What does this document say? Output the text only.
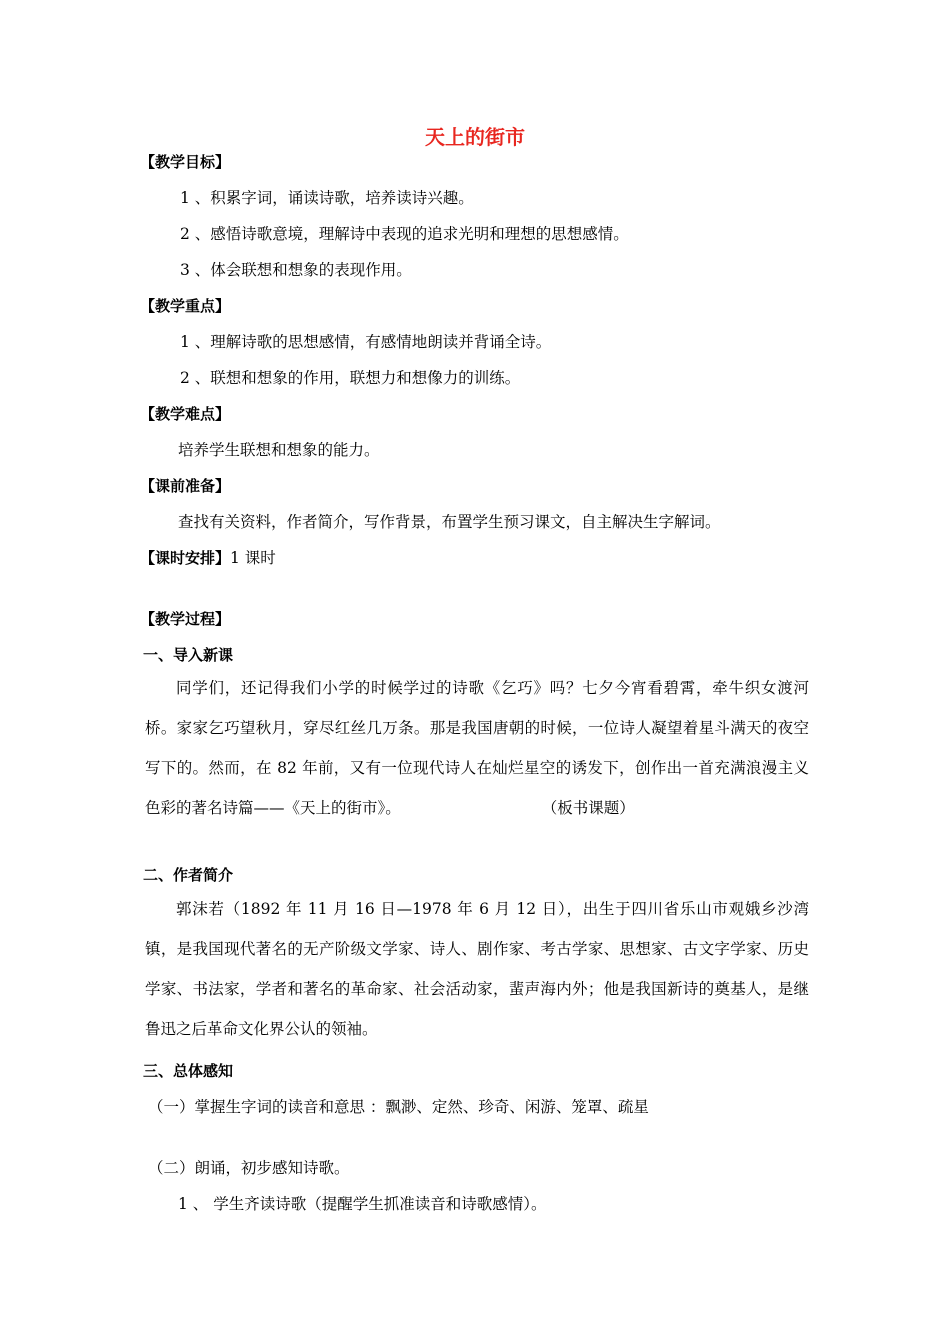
天上的街市
【教学目标】
1 、积累字词，诵读诗歌，培养读诗兴趣。
2 、感悟诗歌意境，理解诗中表现的追求光明和理想的思想感情。
3 、体会联想和想象的表现作用。
【教学重点】
1 、理解诗歌的思想感情，有感情地朗读并背诵全诗。
2 、联想和想象的作用，联想力和想像力的训练。
【教学难点】
培养学生联想和想象的能力。
【课前准备】
查找有关资料，作者简介，写作背景，布置学生预习课文，自主解决生字解词。
【课时安排】1 课时
【教学过程】
一、导入新课
同学们，还记得我们小学的时候学过的诗歌《乞巧》吗？七夕今宵看碧霄，牵牛织女渡河桥。家家乞巧望秋月，穿尽红丝几万条。那是我国唐朝的时候，一位诗人凝望着星斗满天的夜空写下的。然而，在 82 年前，又有一位现代诗人在灿烂星空的诱发下，创作出一首充满浪漫主义色彩的著名诗篇——《天上的街市》。	（板书课题）
二、作者简介
郭沫若（1892 年 11 月 16 日—1978 年 6 月 12 日），出生于四川省乐山市观娥乡沙湾镇，是我国现代著名的无产阶级文学家、诗人、剧作家、考古学家、思想家、古文字学家、历史学家、书法家，学者和著名的革命家、社会活动家，蜚声海内外；他是我国新诗的奠基人，是继鲁迅之后革命文化界公认的领袖。
三、总体感知
（一）掌握生字词的读音和意思 ：飘渺、定然、珍奇、闲游、笼罩、疏星
（二）朗诵，初步感知诗歌。
1 、 学生齐读诗歌（提醒学生抓准读音和诗歌感情）。
